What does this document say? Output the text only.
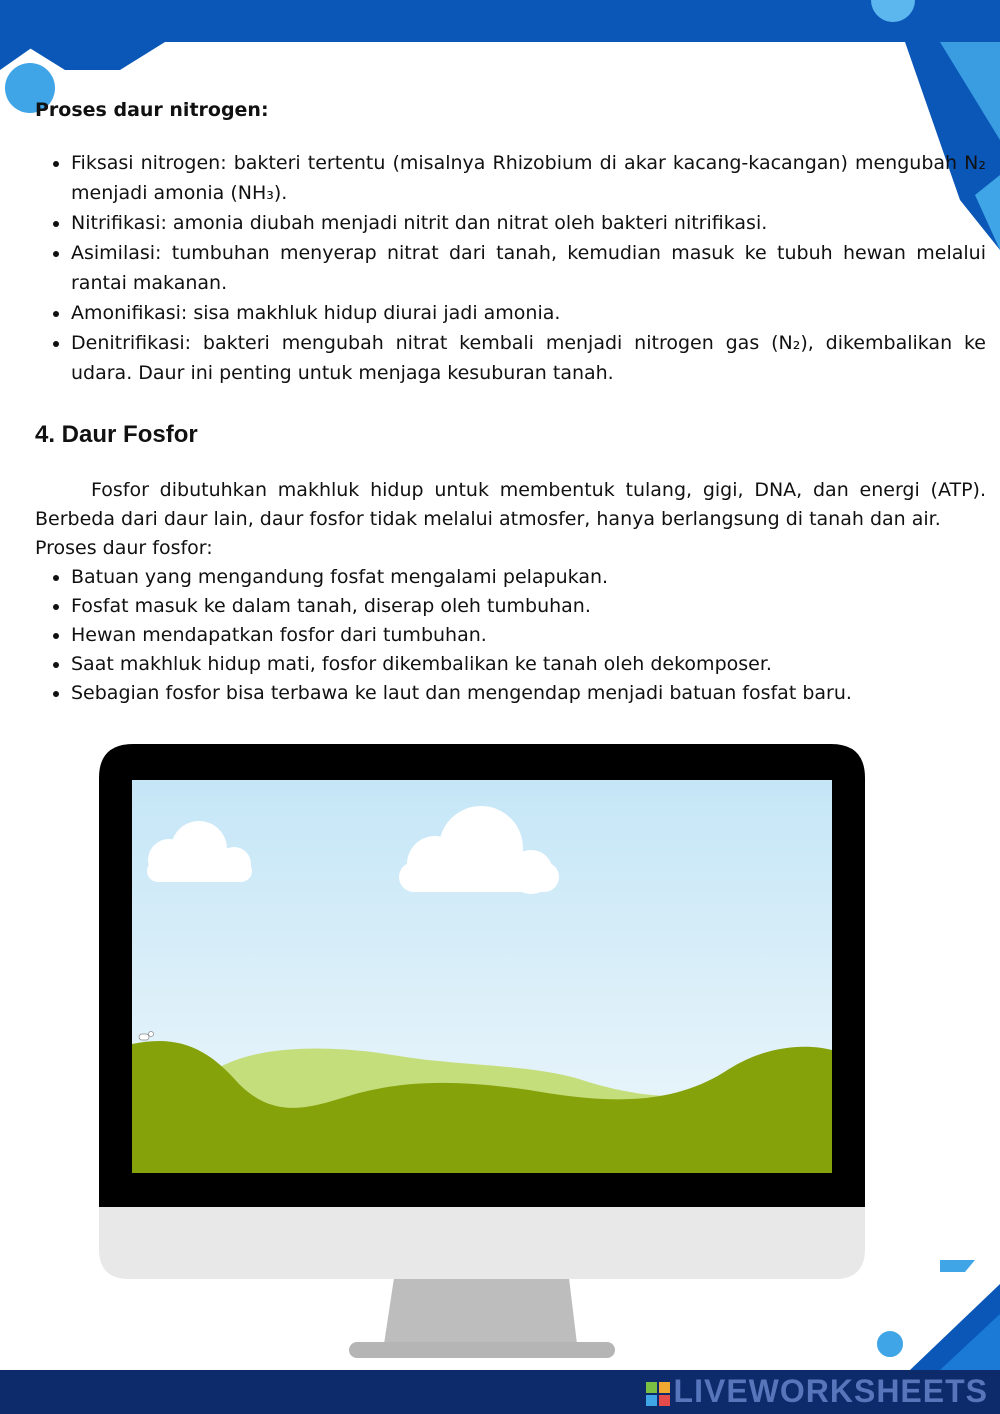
Proses daur nitrogen:

• Fiksasi nitrogen: bakteri tertentu (misalnya Rhizobium di akar kacang-kacangan) mengubah N₂ menjadi amonia (NH₃).
• Nitrifikasi: amonia diubah menjadi nitrit dan nitrat oleh bakteri nitrifikasi.
• Asimilasi: tumbuhan menyerap nitrat dari tanah, kemudian masuk ke tubuh hewan melalui rantai makanan.
• Amonifikasi: sisa makhluk hidup diurai jadi amonia.
• Denitrifikasi: bakteri mengubah nitrat kembali menjadi nitrogen gas (N₂), dikembalikan ke udara. Daur ini penting untuk menjaga kesuburan tanah.
4. Daur Fosfor

Fosfor dibutuhkan makhluk hidup untuk membentuk tulang, gigi, DNA, dan energi (ATP). Berbeda dari daur lain, daur fosfor tidak melalui atmosfer, hanya berlangsung di tanah dan air.

Proses daur fosfor:

• Batuan yang mengandung fosfat mengalami pelapukan.
• Fosfat masuk ke dalam tanah, diserap oleh tumbuhan.
• Hewan mendapatkan fosfor dari tumbuhan.
• Saat makhluk hidup mati, fosfor dikembalikan ke tanah oleh dekomposer.
• Sebagian fosfor bisa terbawa ke laut dan mengendap menjadi batuan fosfat baru.
LIVEWORKSHEETS
